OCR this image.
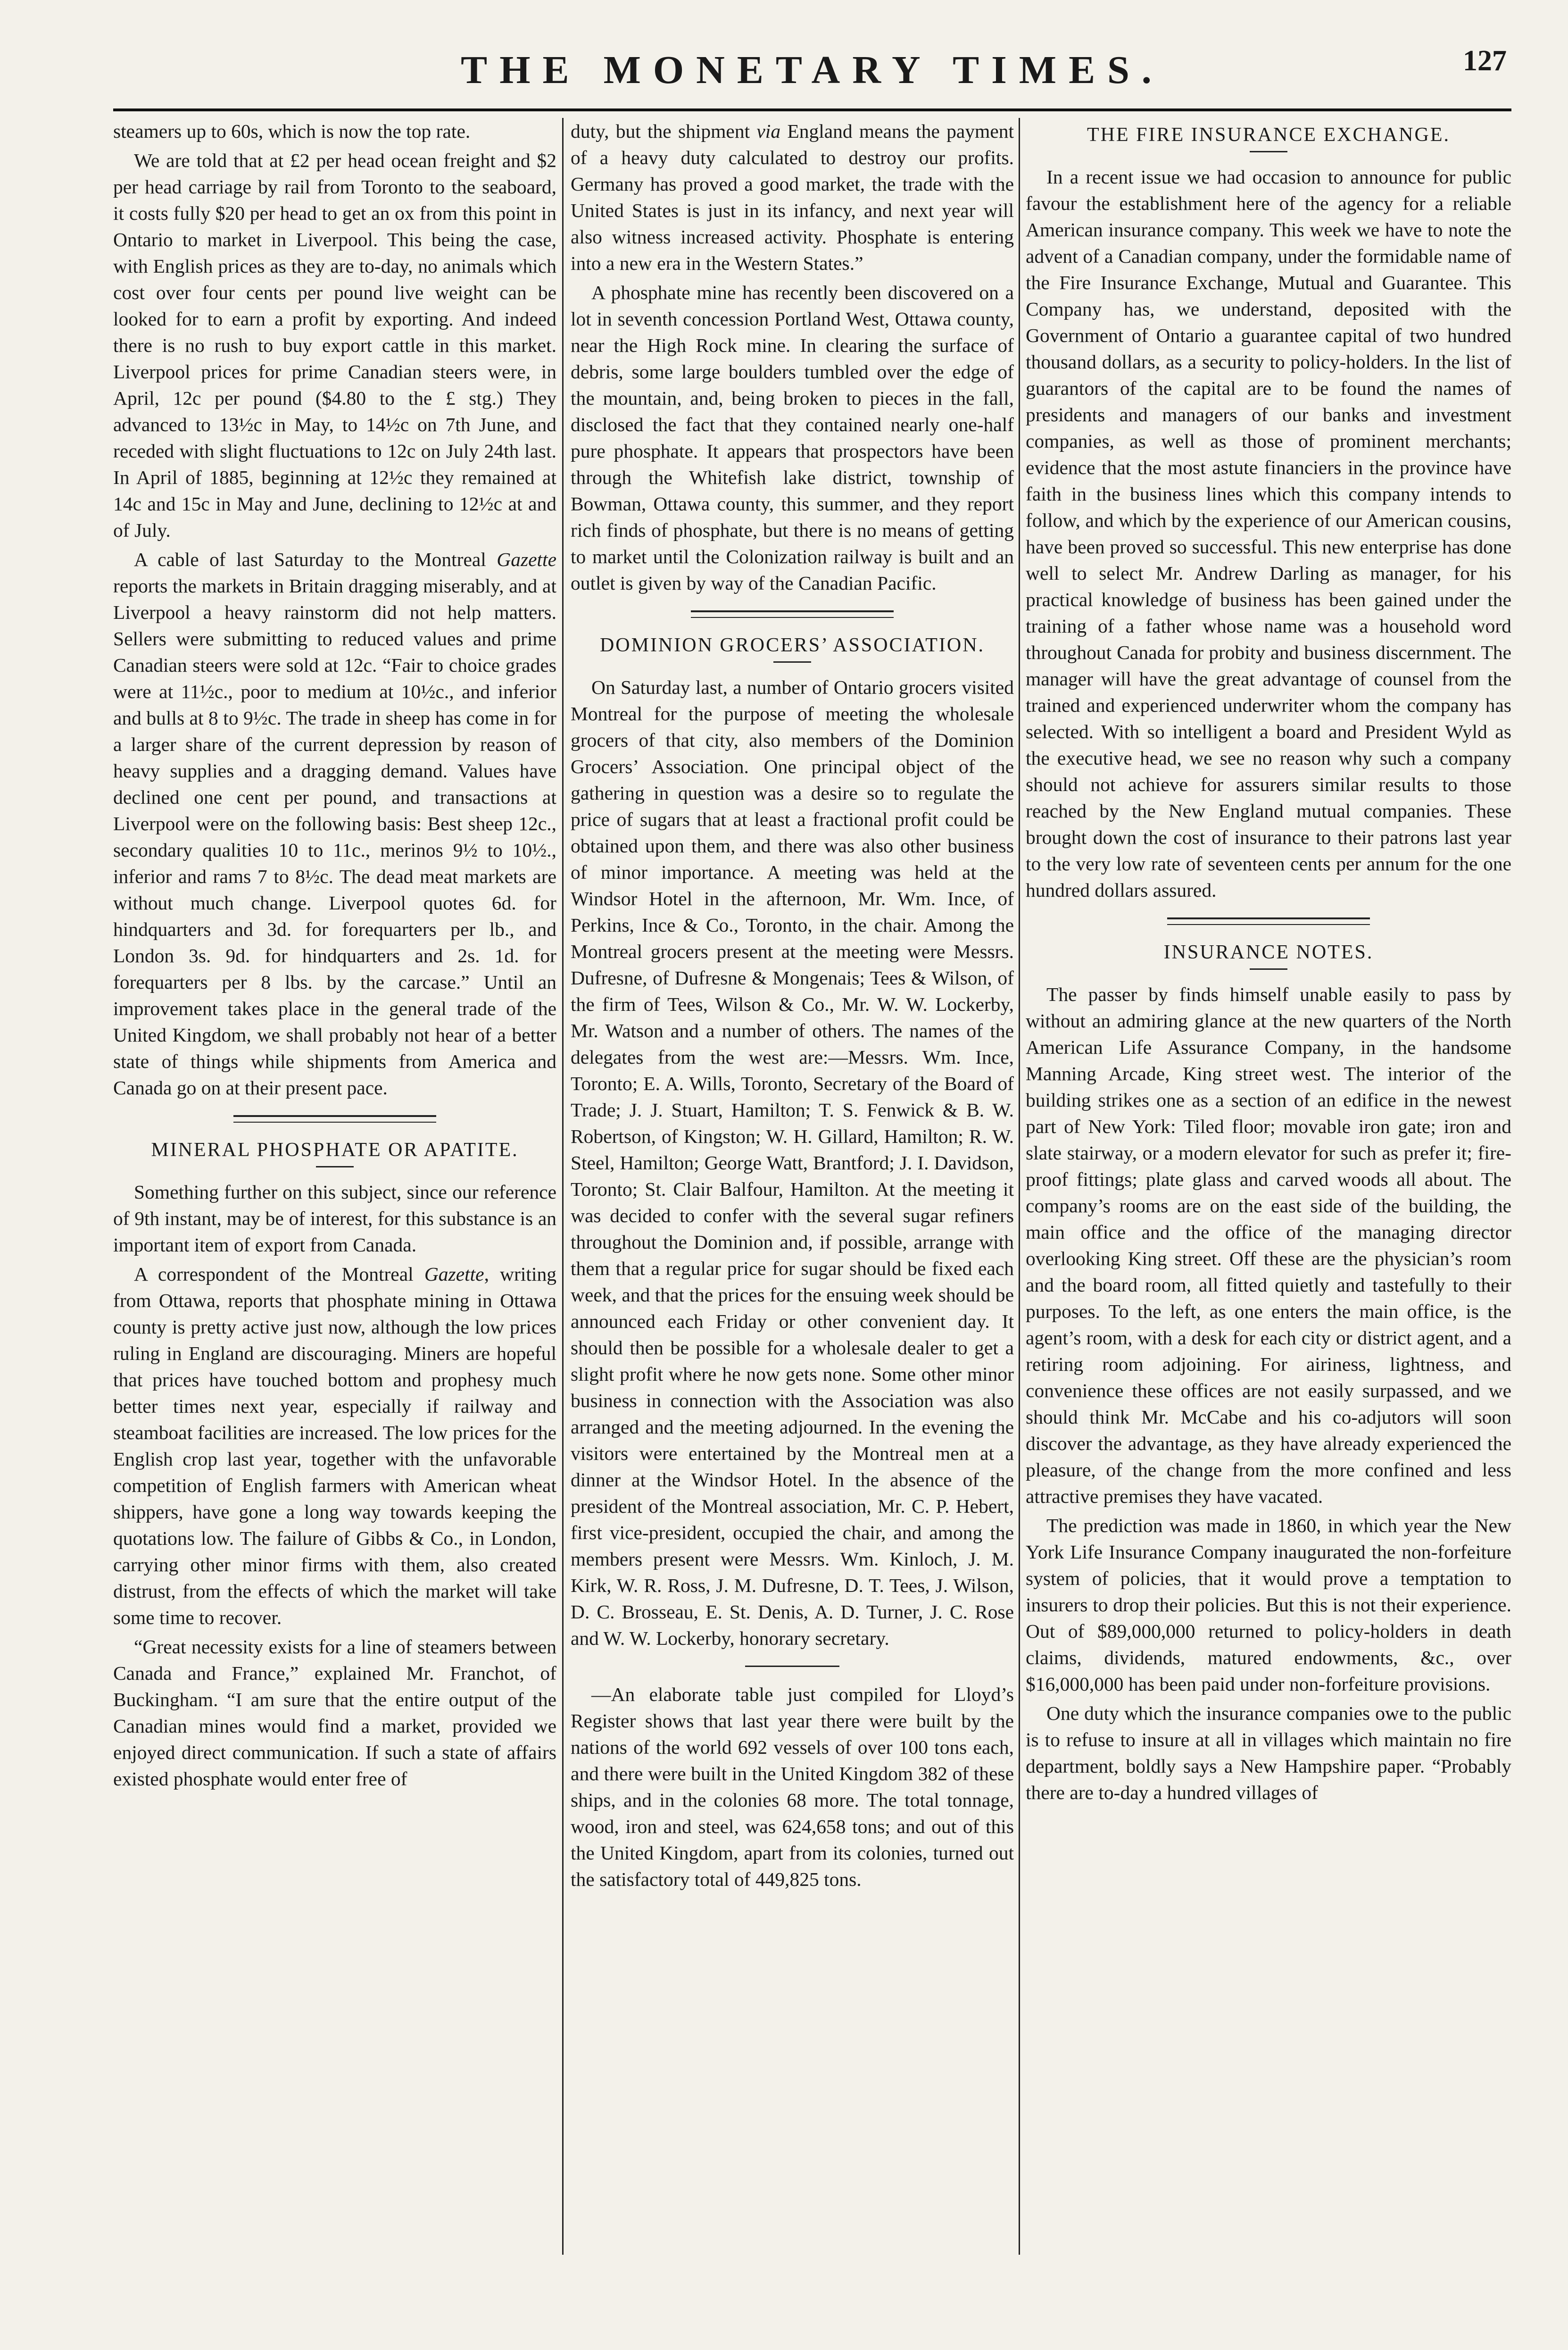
THE MONETARY TIMES.	127

steamers up to 60s, which is now the top rate.

We are told that at £2 per head ocean freight and $2 per head carriage by rail from Toronto to the seaboard, it costs fully $20 per head to get an ox from this point in Ontario to market in Liverpool. This being the case, with English prices as they are to-day, no animals which cost over four cents per pound live weight can be looked for to earn a profit by exporting. And indeed there is no rush to buy export cattle in this market. Liverpool prices for prime Canadian steers were, in April, 12c per pound ($4.80 to the £ stg.) They advanced to 13½c in May, to 14½c on 7th June, and receded with slight fluctuations to 12c on July 24th last. In April of 1885, beginning at 12½c they remained at 14c and 15c in May and June, declining to 12½c at and of July.

A cable of last Saturday to the Montreal Gazette reports the markets in Britain dragging miserably, and at Liverpool a heavy rainstorm did not help matters. Sellers were submitting to reduced values and prime Canadian steers were sold at 12c. “Fair to choice grades were at 11½c., poor to medium at 10½c., and inferior and bulls at 8 to 9½c. The trade in sheep has come in for a larger share of the current depression by reason of heavy supplies and a dragging demand. Values have declined one cent per pound, and transactions at Liverpool were on the following basis: Best sheep 12c., secondary qualities 10 to 11c., merinos 9½ to 10½., inferior and rams 7 to 8½c. The dead meat markets are without much change. Liverpool quotes 6d. for hindquarters and 3d. for forequarters per lb., and London 3s. 9d. for hindquarters and 2s. 1d. for forequarters per 8 lbs. by the carcase.” Until an improvement takes place in the general trade of the United Kingdom, we shall probably not hear of a better state of things while shipments from America and Canada go on at their present pace.

MINERAL PHOSPHATE OR APATITE.

Something further on this subject, since our reference of 9th instant, may be of interest, for this substance is an important item of export from Canada.

A correspondent of the Montreal Gazette, writing from Ottawa, reports that phosphate mining in Ottawa county is pretty active just now, although the low prices ruling in England are discouraging. Miners are hopeful that prices have touched bottom and prophesy much better times next year, especially if railway and steamboat facilities are increased. The low prices for the English crop last year, together with the unfavorable competition of English farmers with American wheat shippers, have gone a long way towards keeping the quotations low. The failure of Gibbs & Co., in London, carrying other minor firms with them, also created distrust, from the effects of which the market will take some time to recover.

“Great necessity exists for a line of steamers between Canada and France,” explained Mr. Franchot, of Buckingham. “I am sure that the entire output of the Canadian mines would find a market, provided we enjoyed direct communication. If such a state of affairs existed phosphate would enter free of

duty, but the shipment via England means the payment of a heavy duty calculated to destroy our profits. Germany has proved a good market, the trade with the United States is just in its infancy, and next year will also witness increased activity. Phosphate is entering into a new era in the Western States.”

A phosphate mine has recently been discovered on a lot in seventh concession Portland West, Ottawa county, near the High Rock mine. In clearing the surface of debris, some large boulders tumbled over the edge of the mountain, and, being broken to pieces in the fall, disclosed the fact that they contained nearly one-half pure phosphate. It appears that prospectors have been through the Whitefish lake district, township of Bowman, Ottawa county, this summer, and they report rich finds of phosphate, but there is no means of getting to market until the Colonization railway is built and an outlet is given by way of the Canadian Pacific.

DOMINION GROCERS’ ASSOCIATION.

On Saturday last, a number of Ontario grocers visited Montreal for the purpose of meeting the wholesale grocers of that city, also members of the Dominion Grocers’ Association. One principal object of the gathering in question was a desire so to regulate the price of sugars that at least a fractional profit could be obtained upon them, and there was also other business of minor importance. A meeting was held at the Windsor Hotel in the afternoon, Mr. Wm. Ince, of Perkins, Ince & Co., Toronto, in the chair. Among the Montreal grocers present at the meeting were Messrs. Dufresne, of Dufresne & Mongenais; Tees & Wilson, of the firm of Tees, Wilson & Co., Mr. W. W. Lockerby, Mr. Watson and a number of others. The names of the delegates from the west are:—Messrs. Wm. Ince, Toronto; E. A. Wills, Toronto, Secretary of the Board of Trade; J. J. Stuart, Hamilton; T. S. Fenwick & B. W. Robertson, of Kingston; W. H. Gillard, Hamilton; R. W. Steel, Hamilton; George Watt, Brantford; J. I. Davidson, Toronto; St. Clair Balfour, Hamilton. At the meeting it was decided to confer with the several sugar refiners throughout the Dominion and, if possible, arrange with them that a regular price for sugar should be fixed each week, and that the prices for the ensuing week should be announced each Friday or other convenient day. It should then be possible for a wholesale dealer to get a slight profit where he now gets none. Some other minor business in connection with the Association was also arranged and the meeting adjourned. In the evening the visitors were entertained by the Montreal men at a dinner at the Windsor Hotel. In the absence of the president of the Montreal association, Mr. C. P. Hebert, first vice-president, occupied the chair, and among the members present were Messrs. Wm. Kinloch, J. M. Kirk, W. R. Ross, J. M. Dufresne, D. T. Tees, J. Wilson, D. C. Brosseau, E. St. Denis, A. D. Turner, J. C. Rose and W. W. Lockerby, honorary secretary.

—An elaborate table just compiled for Lloyd’s Register shows that last year there were built by the nations of the world 692 vessels of over 100 tons each, and there were built in the United Kingdom 382 of these ships, and in the colonies 68 more. The total tonnage, wood, iron and steel, was 624,658 tons; and out of this the United Kingdom, apart from its colonies, turned out the satisfactory total of 449,825 tons.

THE FIRE INSURANCE EXCHANGE.

In a recent issue we had occasion to announce for public favour the establishment here of the agency for a reliable American insurance company. This week we have to note the advent of a Canadian company, under the formidable name of the Fire Insurance Exchange, Mutual and Guarantee. This Company has, we understand, deposited with the Government of Ontario a guarantee capital of two hundred thousand dollars, as a security to policy-holders. In the list of guarantors of the capital are to be found the names of presidents and managers of our banks and investment companies, as well as those of prominent merchants; evidence that the most astute financiers in the province have faith in the business lines which this company intends to follow, and which by the experience of our American cousins, have been proved so successful. This new enterprise has done well to select Mr. Andrew Darling as manager, for his practical knowledge of business has been gained under the training of a father whose name was a household word throughout Canada for probity and business discernment. The manager will have the great advantage of counsel from the trained and experienced underwriter whom the company has selected. With so intelligent a board and President Wyld as the executive head, we see no reason why such a company should not achieve for assurers similar results to those reached by the New England mutual companies. These brought down the cost of insurance to their patrons last year to the very low rate of seventeen cents per annum for the one hundred dollars assured.

INSURANCE NOTES.

The passer by finds himself unable easily to pass by without an admiring glance at the new quarters of the North American Life Assurance Company, in the handsome Manning Arcade, King street west. The interior of the building strikes one as a section of an edifice in the newest part of New York: Tiled floor; movable iron gate; iron and slate stairway, or a modern elevator for such as prefer it; fire-proof fittings; plate glass and carved woods all about. The company’s rooms are on the east side of the building, the main office and the office of the managing director overlooking King street. Off these are the physician’s room and the board room, all fitted quietly and tastefully to their purposes. To the left, as one enters the main office, is the agent’s room, with a desk for each city or district agent, and a retiring room adjoining. For airiness, lightness, and convenience these offices are not easily surpassed, and we should think Mr. McCabe and his co-adjutors will soon discover the advantage, as they have already experienced the pleasure, of the change from the more confined and less attractive premises they have vacated.

The prediction was made in 1860, in which year the New York Life Insurance Company inaugurated the non-forfeiture system of policies, that it would prove a temptation to insurers to drop their policies. But this is not their experience. Out of $89,000,000 returned to policy-holders in death claims, dividends, matured endowments, &c., over $16,000,000 has been paid under non-forfeiture provisions.

One duty which the insurance companies owe to the public is to refuse to insure at all in villages which maintain no fire department, boldly says a New Hampshire paper. “Probably there are to-day a hundred villages of
